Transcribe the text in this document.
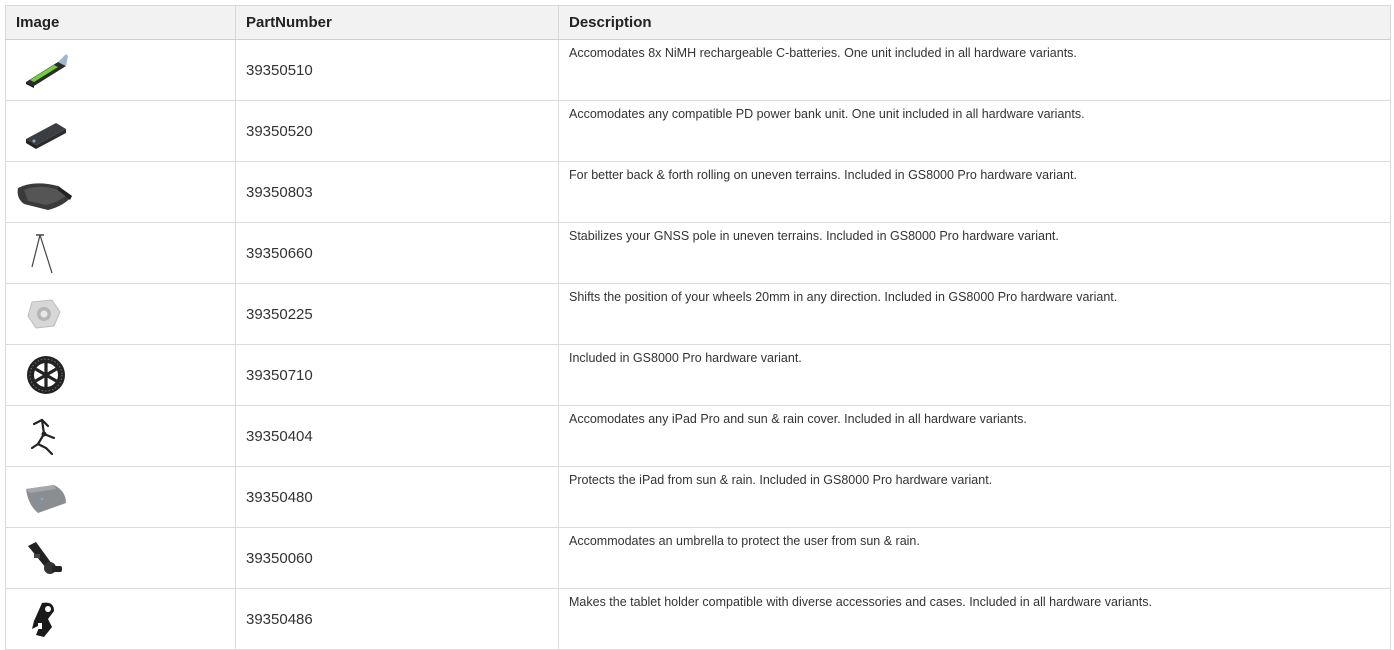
Image	PartNumber	Description

	39350510	Accomodates 8x NiMH rechargeable C-batteries. One unit included in all hardware variants.

	39350520	Accomodates any compatible PD power bank unit. One unit included in all hardware variants.

	39350803	For better back & forth rolling on uneven terrains. Included in GS8000 Pro hardware variant.

	39350660	Stabilizes your GNSS pole in uneven terrains. Included in GS8000 Pro hardware variant.

	39350225	Shifts the position of your wheels 20mm in any direction. Included in GS8000 Pro hardware variant.

	39350710	Included in GS8000 Pro hardware variant.

	39350404	Accomodates any iPad Pro and sun & rain cover. Included in all hardware variants.

	39350480	Protects the iPad from sun & rain. Included in GS8000 Pro hardware variant.

	39350060	Accommodates an umbrella to protect the user from sun & rain.

	39350486	Makes the tablet holder compatible with diverse accessories and cases. Included in all hardware variants.
